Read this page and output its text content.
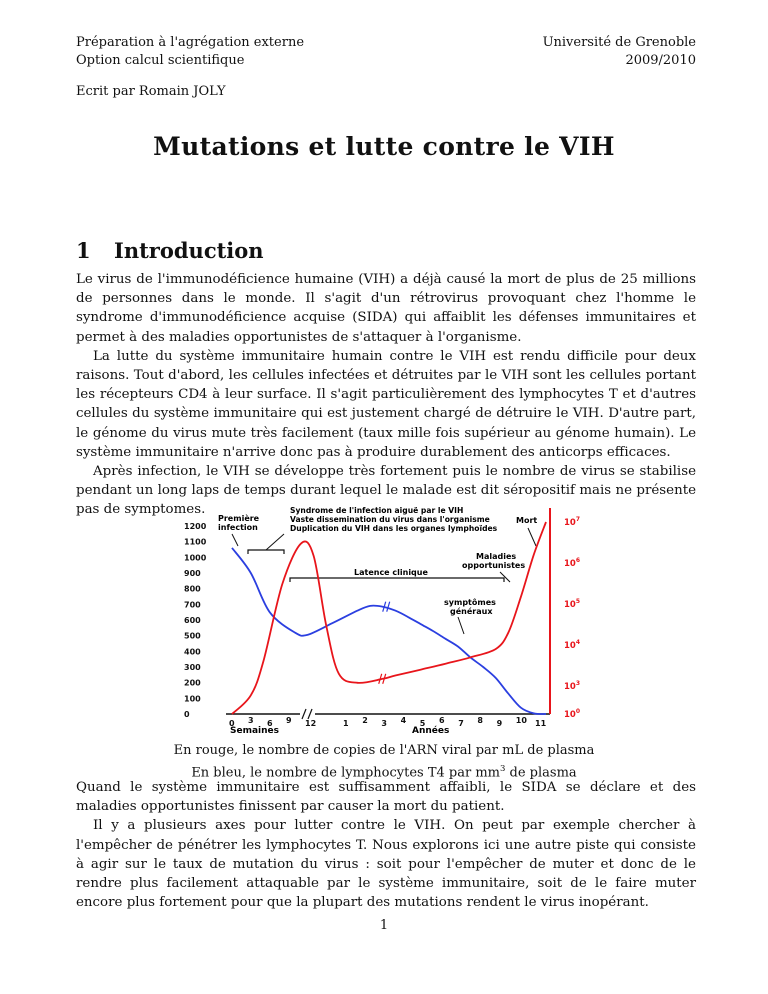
Préparation à l'agrégation externe
Option calcul scientifique
Université de Grenoble
2009/2010
Ecrit par Romain JOLY
Mutations et lutte contre le VIH
1 Introduction

Le virus de l'immunodéficience humaine (VIH) a déjà causé la mort de plus de 25 millions de personnes dans le monde. Il s'agit d'un rétrovirus provoquant chez l'homme le syndrome d'immunodéficience acquise (SIDA) qui affaiblit les défenses immunitaires et permet à des maladies opportunistes de s'attaquer à l'organisme.

La lutte du système immunitaire humain contre le VIH est rendu difficile pour deux raisons. Tout d'abord, les cellules infectées et détruites par le VIH sont les cellules portant les récepteurs CD4 à leur surface. Il s'agit particulièrement des lymphocytes T et d'autres cellules du système immunitaire qui est justement chargé de détruire le VIH. D'autre part, le génome du virus mute très facilement (taux mille fois supérieur au génome humain). Le système immunitaire n'arrive donc pas à produire durablement des anticorps efficaces.

Après infection, le VIH se développe très fortement puis le nombre de virus se stabilise pendant un long laps de temps durant lequel le malade est dit séropositif mais ne présente pas de symptomes.

1200
1100
1000
900
800
700
600
500
400
300
200
100
0
$10^7$
$10^6$
$10^5$
$10^4$
$10^3$
$10^0$
0 3 6 9 12	1 2 3 4 5 6 7 8 9 10 11
Première
infection
Syndrome de l'infection aiguë par le VIH
Vaste dissemination du virus dans l'organisme
Duplication du VIH dans les organes lymphoïdes
Mort
Maladies
opportunistes
Latence clinique
symptômes
généraux
Semaines	Années
En rouge, le nombre de copies de l'ARN viral par mL de plasma
En bleu, le nombre de lymphocytes T4 par $mm^3$ de plasma

Quand le système immunitaire est suffisamment affaibli, le SIDA se déclare et des maladies opportunistes finissent par causer la mort du patient.

Il y a plusieurs axes pour lutter contre le VIH. On peut par exemple chercher à l'empêcher de pénétrer les lymphocytes T. Nous explorons ici une autre piste qui consiste à agir sur le taux de mutation du virus : soit pour l'empêcher de muter et donc de le rendre plus facilement attaquable par le système immunitaire, soit de le faire muter encore plus fortement pour que la plupart des mutations rendent le virus inopérant.

1
